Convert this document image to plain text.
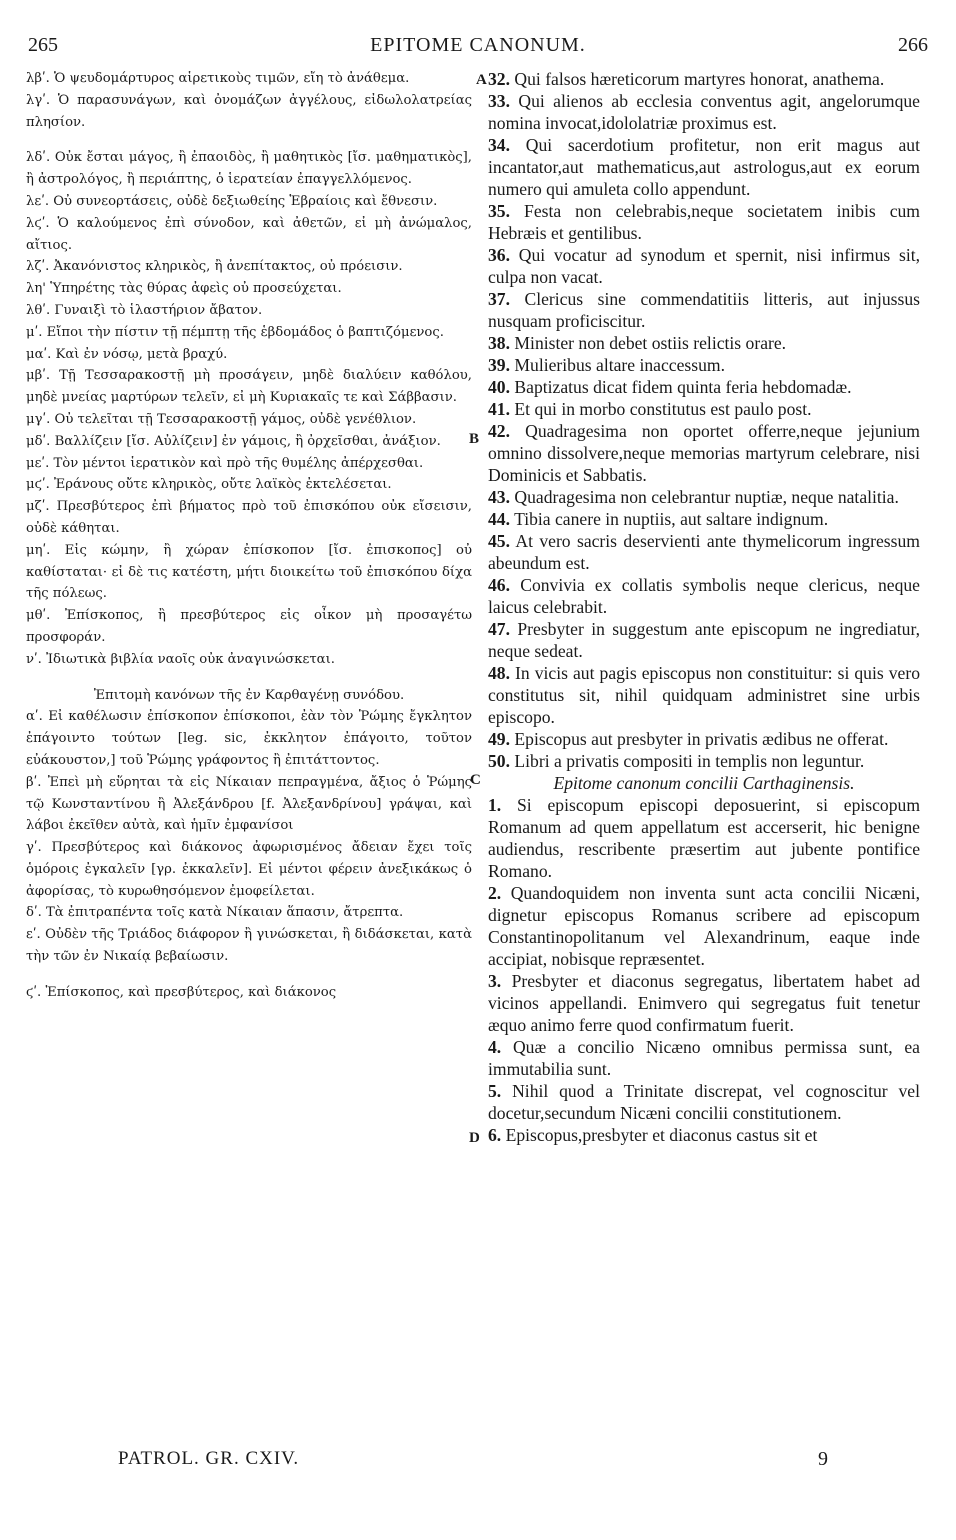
265	EPITOME CANONUM.	266

λβʹ. Ὁ ψευδομάρτυρος αἱρετικοὺς τιμῶν, εἴη τὸ ἀνάθεμα.

λγʹ. Ὁ παρασυνάγων, καὶ ὀνομάζων ἀγγέλους, εἰδωλολατρείας πλησίον.

λδʹ. Οὐκ ἔσται μάγος, ἢ ἐπαοιδὸς, ἢ μαθητικὸς [ἴσ. μαθηματικὸς], ἢ ἀστρολόγος, ἢ περιάπτης, ὁ ἱερατείαν ἐπαγγελλόμενος.

λεʹ. Οὐ συνεορτάσεις, οὐδὲ δεξιωθείης Ἑβραίοις καὶ ἔθνεσιν.

λϛʹ. Ὁ καλούμενος ἐπὶ σύνοδον, καὶ ἀθετῶν, εἰ μὴ ἀνώμαλος, αἴτιος.

λζʹ. Ἀκανόνιστος κληρικὸς, ἢ ἀνεπίτακτος, οὐ πρόεισιν.

λη' Ὑπηρέτης τὰς θύρας ἀφεὶς οὐ προσεύχεται.

λθʹ. Γυναιξὶ τὸ ἱλαστήριον ἄβατον.

μʹ. Εἴποι τὴν πίστιν τῇ πέμπτῃ τῆς ἑβδομάδος ὁ βαπτιζόμενος.

μαʹ. Καὶ ἐν νόσῳ, μετὰ βραχύ.

μβʹ. Τῇ Τεσσαρακοστῇ μὴ προσάγειν, μηδὲ διαλύειν καθόλου, μηδὲ μνείας μαρτύρων τελεῖν, εἰ μὴ Κυριακαῖς τε καὶ Σάββασιν.

μγʹ. Οὐ τελεῖται τῇ Τεσσαρακοστῇ γάμος, οὐδὲ γενέθλιον.

μδʹ. Βαλλίζειν [ἴσ. Αὐλίζειν] ἐν γάμοις, ἢ ὀρχεῖσθαι, ἀνάξιον.

μεʹ. Τὸν μέντοι ἱερατικὸν καὶ πρὸ τῆς θυμέλης ἀπέρχεσθαι.

μϛʹ. Ἐράνους οὔτε κληρικὸς, οὔτε λαϊκὸς ἐκτελέσεται.

μζʹ. Πρεσβύτερος ἐπὶ βήματος πρὸ τοῦ ἐπισκόπου οὐκ εἴσεισιν, οὐδὲ κάθηται.

μηʹ. Εἰς κώμην, ἢ χώραν ἐπίσκοπον [ἴσ. ἐπισκοπος] οὐ καθίσταται· εἰ δὲ τις κατέστη, μήτι διοικείτω τοῦ ἐπισκόπου δίχα τῆς πόλεως.

μθʹ. Ἐπίσκοπος, ἢ πρεσβύτερος εἰς οἶκον μὴ προσαγέτω προσφοράν.

νʹ. Ἰδιωτικὰ βιβλία ναοῖς οὐκ ἀναγινώσκεται.

Ἐπιτομὴ κανόνων τῆς ἐν Καρθαγένῃ συνόδου.

αʹ. Εἰ καθέλωσιν ἐπίσκοπον ἐπίσκοποι, ἐὰν τὸν Ῥώμης ἔγκλητον ἐπάγοιντο τούτων [leg. sic, ἐκκλητον ἐπάγοιτο, τοῦτον εὐάκουστον,] τοῦ Ῥώμης γράφοντος ἢ ἐπιτάττοντος.

βʹ. Ἐπεὶ μὴ εὕρηται τὰ εἰς Νίκαιαν πεπραγμένα, ἄξιος ὁ Ῥώμης τῷ Κωνσταντίνου ἢ Ἀλεξάνδρου [f. Ἀλεξανδρίνου] γράψαι, καὶ λάβοι ἐκεῖθεν αὐτὰ, καὶ ἡμῖν ἐμφανίσοι

γʹ. Πρεσβύτερος καὶ διάκονος ἀφωρισμένος ἄδειαν ἔχει τοῖς ὁμόροις ἐγκαλεῖν [γρ. ἐκκαλεῖν]. Εἰ μέντοι φέρειν ἀνεξικάκως ὁ ἀφορίσας, τὸ κυρωθησόμενον ἐμοφείλεται.

δʹ. Τὰ ἐπιτραπέντα τοῖς κατὰ Νίκαιαν ἅπασιν, ἄτρεπτα.

εʹ. Οὐδὲν τῆς Τριάδος διάφορον ἢ γινώσκεται, ἢ διδάσκεται, κατὰ τὴν τῶν ἐν Νικαίᾳ βεβαίωσιν.

ϛʹ. Ἐπίσκοπος, καὶ πρεσβύτερος, καὶ διάκονος

32. Qui falsos hæreticorum martyres honorat, anathema.

33. Qui alienos ab ecclesia conventus agit, angelorumque nomina invocat,idololatriæ proximus est.

34. Qui sacerdotium profitetur, non erit magus aut incantator,aut mathematicus,aut astrologus,aut ex eorum numero qui amuleta collo appendunt.

35. Festa non celebrabis,neque societatem inibis cum Hebræis et gentilibus.

36. Qui vocatur ad synodum et spernit, nisi infirmus sit, culpa non vacat.

37. Clericus sine commendatitiis litteris, aut injussus nusquam proficiscitur.

38. Minister non debet ostiis relictis orare.

39. Mulieribus altare inaccessum.

40. Baptizatus dicat fidem quinta feria hebdomadæ.

41. Et qui in morbo constitutus est paulo post.

42. Quadragesima non oportet offerre,neque jejunium omnino dissolvere,neque memorias martyrum celebrare, nisi Dominicis et Sabbatis.

43. Quadragesima non celebrantur nuptiæ, neque natalitia.

44. Tibia canere in nuptiis, aut saltare indignum.

45. At vero sacris deservienti ante thymelicorum ingressum abeundum est.

46. Convivia ex collatis symbolis neque clericus, neque laicus celebrabit.

47. Presbyter in suggestum ante episcopum ne ingrediatur, neque sedeat.

48. In vicis aut pagis episcopus non constituitur: si quis vero constitutus sit, nihil quidquam administret sine urbis episcopo.

49. Episcopus aut presbyter in privatis ædibus ne offerat.

50. Libri a privatis compositi in templis non leguntur.

Epitome canonum concilii Carthaginensis.

1. Si episcopum episcopi deposuerint, si episcopum Romanum ad quem appellatum est accerserit, hic benigne audiendus, rescribente præsertim aut jubente pontifice Romano.

2. Quandoquidem non inventa sunt acta concilii Nicæni, dignetur episcopus Romanus scribere ad episcopum Constantinopolitanum vel Alexandrinum, eaque inde accipiat, nobisque repræsentet.

3. Presbyter et diaconus segregatus, libertatem habet ad vicinos appellandi. Enimvero qui segregatus fuit tenetur æquo animo ferre quod confirmatum fuerit.

4. Quæ a concilio Nicæno omnibus permissa sunt, ea immutabilia sunt.

5. Nihil quod a Trinitate discrepat, vel cognoscitur vel docetur,secundum Nicæni concilii constitutionem.

6. Episcopus,presbyter et diaconus castus sit et

A
B
C
D
PATROL. GR. CXIV.	9
